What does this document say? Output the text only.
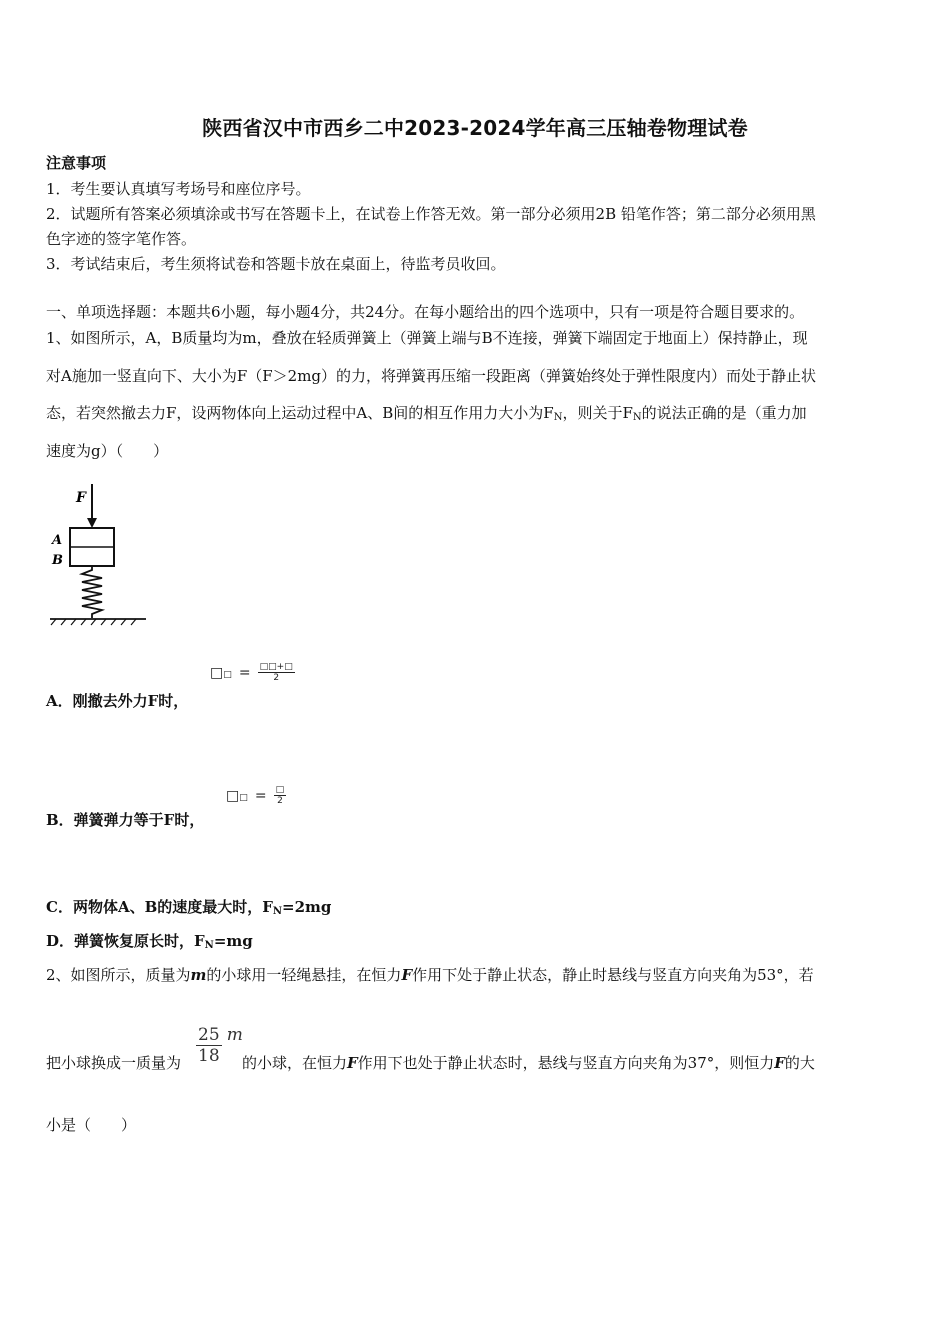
陕西省汉中市西乡二中2023-2024学年高三压轴卷物理试卷
注意事项
1．考生要认真填写考场号和座位序号。
2．试题所有答案必须填涂或书写在答题卡上，在试卷上作答无效。第一部分必须用2B 铅笔作答；第二部分必须用黑
色字迹的签字笔作答。
3．考试结束后，考生须将试卷和答题卡放在桌面上，待监考员收回。
一、单项选择题：本题共6小题，每小题4分，共24分。在每小题给出的四个选项中，只有一项是符合题目要求的。
1、如图所示，A，B质量均为m，叠放在轻质弹簧上（弹簧上端与B不连接，弹簧下端固定于地面上）保持静止，现
对A施加一竖直向下、大小为F（F＞2mg）的力，将弹簧再压缩一段距离（弹簧始终处于弹性限度内）而处于静止状
态，若突然撤去力F，设两物体向上运动过程中A、B间的相互作用力大小为$F_N$，则关于$F_N$的说法正确的是（重力加
速度为g）（　　）
F
A
B
A．刚撤去外力F时，
□□ = $\frac{□□+□}{2}$
B．弹簧弹力等于F时，
□□ = $\frac{□}{2}$
C．两物体A、B的速度最大时，$F_N=2mg$
D．弹簧恢复原长时，$F_N=mg$
2、如图所示，质量为m的小球用一轻绳悬挂，在恒力F作用下处于静止状态，静止时悬线与竖直方向夹角为53°，若
把小球换成一质量为 $\frac{25}{18}$ m
的小球，在恒力F作用下也处于静止状态时，悬线与竖直方向夹角为37°，则恒力F的大
小是（　　）
